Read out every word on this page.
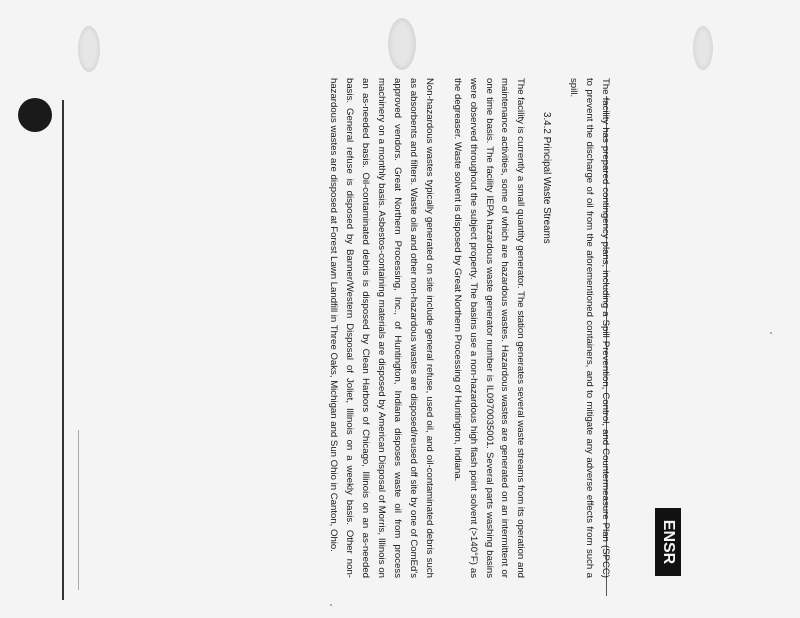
ENSR

The facility has prepared contingency plans, including a Spill Prevention, Control, and Countermeasure Plan (SPCC) to prevent the discharge of oil from the aforementioned containers, and to mitigate any adverse effects from such a spill.

3.4.2 Principal Waste Streams

The facility is currently a small quantity generator. The station generates several waste streams from its operation and maintenance activities, some of which are hazardous wastes. Hazardous wastes are generated on an intermittent or one time basis. The facility IEPA hazardous waste generator number is IL0970035001. Several parts washing basins were observed throughout the subject property. The basins use a non-hazardous high flash point solvent (>140°F) as the degreaser. Waste solvent is disposed by Great Northern Processing of Huntington, Indiana.

Non-hazardous wastes typically generated on site include general refuse, used oil, and oil-contaminated debris such as absorbents and filters. Waste oils and other non-hazardous wastes are disposed/reused off site by one of ComEd's approved vendors. Great Northern Processing, Inc., of Huntington, Indiana disposes waste oil from process machinery on a monthly basis. Asbestos-containing materials are disposed by American Disposal of Morris, Illinois on an as-needed basis. Oil-contaminated debris is disposed by Clean Harbors of Chicago, Illinois on an as-needed basis. General refuse is disposed by Banner/Western Disposal of Joliet, Illinois on a weekly basis. Other non-hazardous wastes are disposed at Forest Lawn Landfill in Three Oaks, Michigan and Sun Ohio in Canton, Ohio.
